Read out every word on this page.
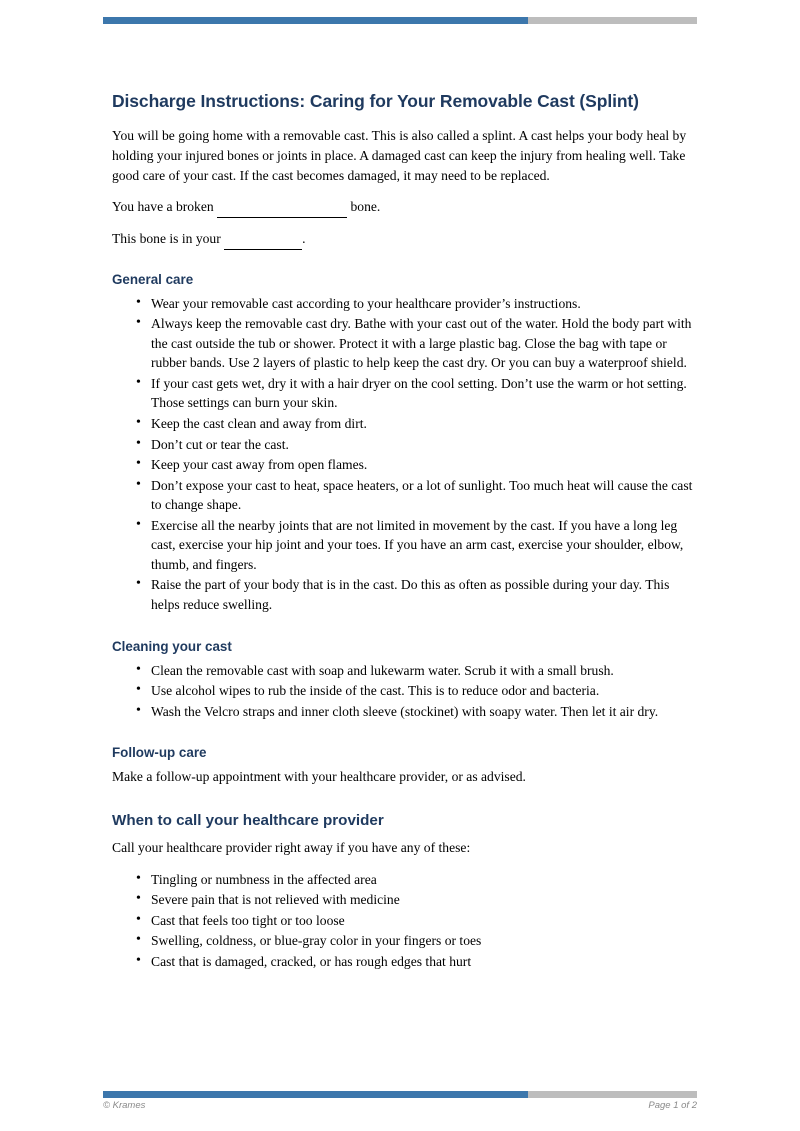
Discharge Instructions: Caring for Your Removable Cast (Splint)

You will be going home with a removable cast. This is also called a splint. A cast helps your body heal by holding your injured bones or joints in place. A damaged cast can keep the injury from healing well. Take good care of your cast. If the cast becomes damaged, it may need to be replaced.

You have a broken	bone.

This bone is in your	.

General care
• Wear your removable cast according to your healthcare provider’s instructions.
• Always keep the removable cast dry. Bathe with your cast out of the water. Hold the body part with the cast outside the tub or shower. Protect it with a large plastic bag. Close the bag with tape or rubber bands. Use 2 layers of plastic to help keep the cast dry. Or you can buy a waterproof shield.
• If your cast gets wet, dry it with a hair dryer on the cool setting. Don’t use the warm or hot setting. Those settings can burn your skin.
• Keep the cast clean and away from dirt.
• Don’t cut or tear the cast.
• Keep your cast away from open flames.
• Don’t expose your cast to heat, space heaters, or a lot of sunlight. Too much heat will cause the cast to change shape.
• Exercise all the nearby joints that are not limited in movement by the cast. If you have a long leg cast, exercise your hip joint and your toes. If you have an arm cast, exercise your shoulder, elbow, thumb, and fingers.
• Raise the part of your body that is in the cast. Do this as often as possible during your day. This helps reduce swelling.
Cleaning your cast
• Clean the removable cast with soap and lukewarm water. Scrub it with a small brush.
• Use alcohol wipes to rub the inside of the cast. This is to reduce odor and bacteria.
• Wash the Velcro straps and inner cloth sleeve (stockinet) with soapy water. Then let it air dry.
Follow-up care

Make a follow-up appointment with your healthcare provider, or as advised.

When to call your healthcare provider

Call your healthcare provider right away if you have any of these:

• Tingling or numbness in the affected area
• Severe pain that is not relieved with medicine
• Cast that feels too tight or too loose
• Swelling, coldness, or blue-gray color in your fingers or toes
• Cast that is damaged, cracked, or has rough edges that hurt
© Krames	Page 1 of 2
